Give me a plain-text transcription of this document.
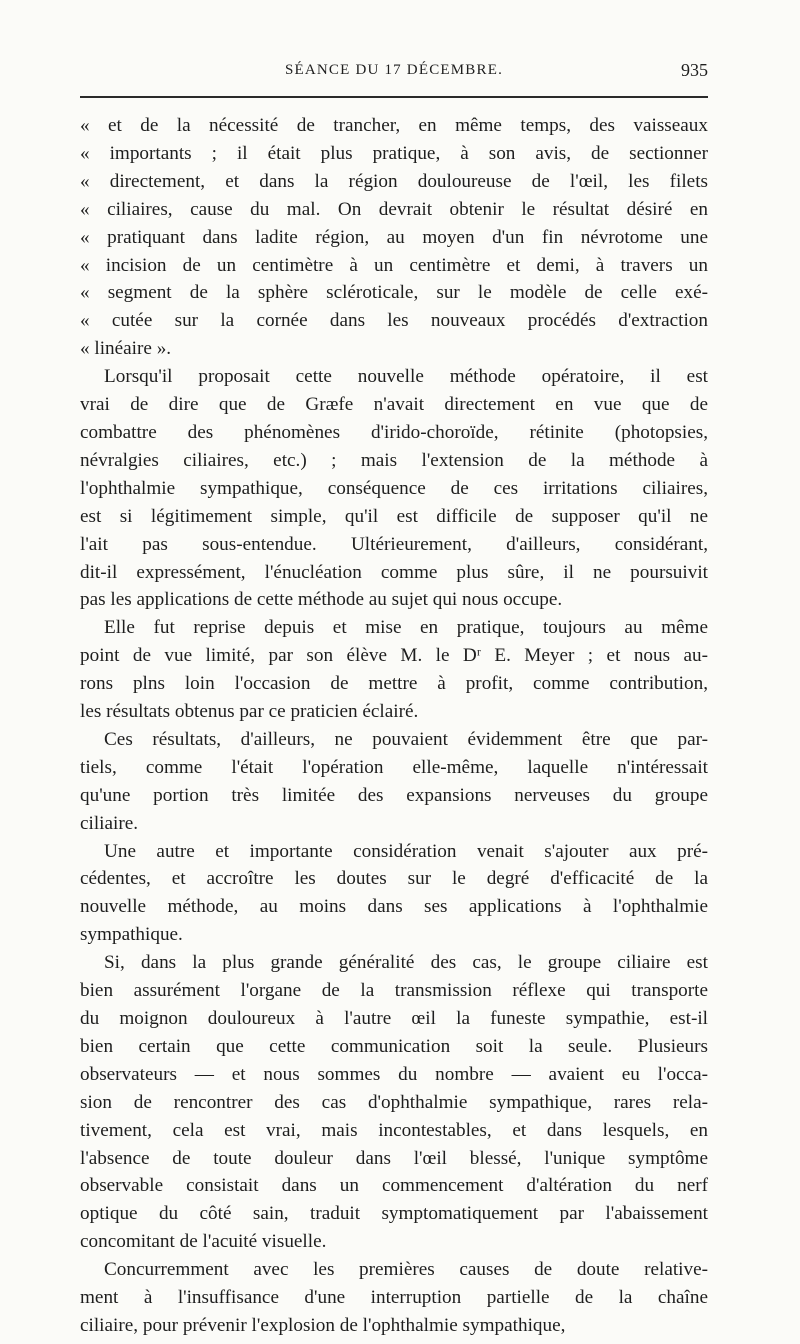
SÉANCE DU 17 DÉCEMBRE.	935
« et de la nécessité de trancher, en même temps, des vaisseaux
« importants ; il était plus pratique, à son avis, de sectionner
« directement, et dans la région douloureuse de l'œil, les filets
« ciliaires, cause du mal. On devrait obtenir le résultat désiré en
« pratiquant dans ladite région, au moyen d'un fin névrotome une
« incision de un centimètre à un centimètre et demi, à travers un
« segment de la sphère scléroticale, sur le modèle de celle exé-
« cutée sur la cornée dans les nouveaux procédés d'extraction
« linéaire ».
Lorsqu'il proposait cette nouvelle méthode opératoire, il est
vrai de dire que de Græfe n'avait directement en vue que de
combattre des phénomènes d'irido-choroïde, rétinite (photopsies,
névralgies ciliaires, etc.) ; mais l'extension de la méthode à
l'ophthalmie sympathique, conséquence de ces irritations ciliaires,
est si légitimement simple, qu'il est difficile de supposer qu'il ne
l'ait pas sous-entendue. Ultérieurement, d'ailleurs, considérant,
dit-il expressément, l'énucléation comme plus sûre, il ne poursuivit
pas les applications de cette méthode au sujet qui nous occupe.
Elle fut reprise depuis et mise en pratique, toujours au même
point de vue limité, par son élève M. le Dʳ E. Meyer ; et nous au-
rons plns loin l'occasion de mettre à profit, comme contribution,
les résultats obtenus par ce praticien éclairé.
Ces résultats, d'ailleurs, ne pouvaient évidemment être que par-
tiels, comme l'était l'opération elle-même, laquelle n'intéressait
qu'une portion très limitée des expansions nerveuses du groupe
ciliaire.
Une autre et importante considération venait s'ajouter aux pré-
cédentes, et accroître les doutes sur le degré d'efficacité de la
nouvelle méthode, au moins dans ses applications à l'ophthalmie
sympathique.
Si, dans la plus grande généralité des cas, le groupe ciliaire est
bien assurément l'organe de la transmission réflexe qui transporte
du moignon douloureux à l'autre œil la funeste sympathie, est-il
bien certain que cette communication soit la seule. Plusieurs
observateurs — et nous sommes du nombre — avaient eu l'occa-
sion de rencontrer des cas d'ophthalmie sympathique, rares rela-
tivement, cela est vrai, mais incontestables, et dans lesquels, en
l'absence de toute douleur dans l'œil blessé, l'unique symptôme
observable consistait dans un commencement d'altération du nerf
optique du côté sain, traduit symptomatiquement par l'abaissement
concomitant de l'acuité visuelle.
Concurremment avec les premières causes de doute relative-
ment à l'insuffisance d'une interruption partielle de la chaîne
ciliaire, pour prévenir l'explosion de l'ophthalmie sympathique,
